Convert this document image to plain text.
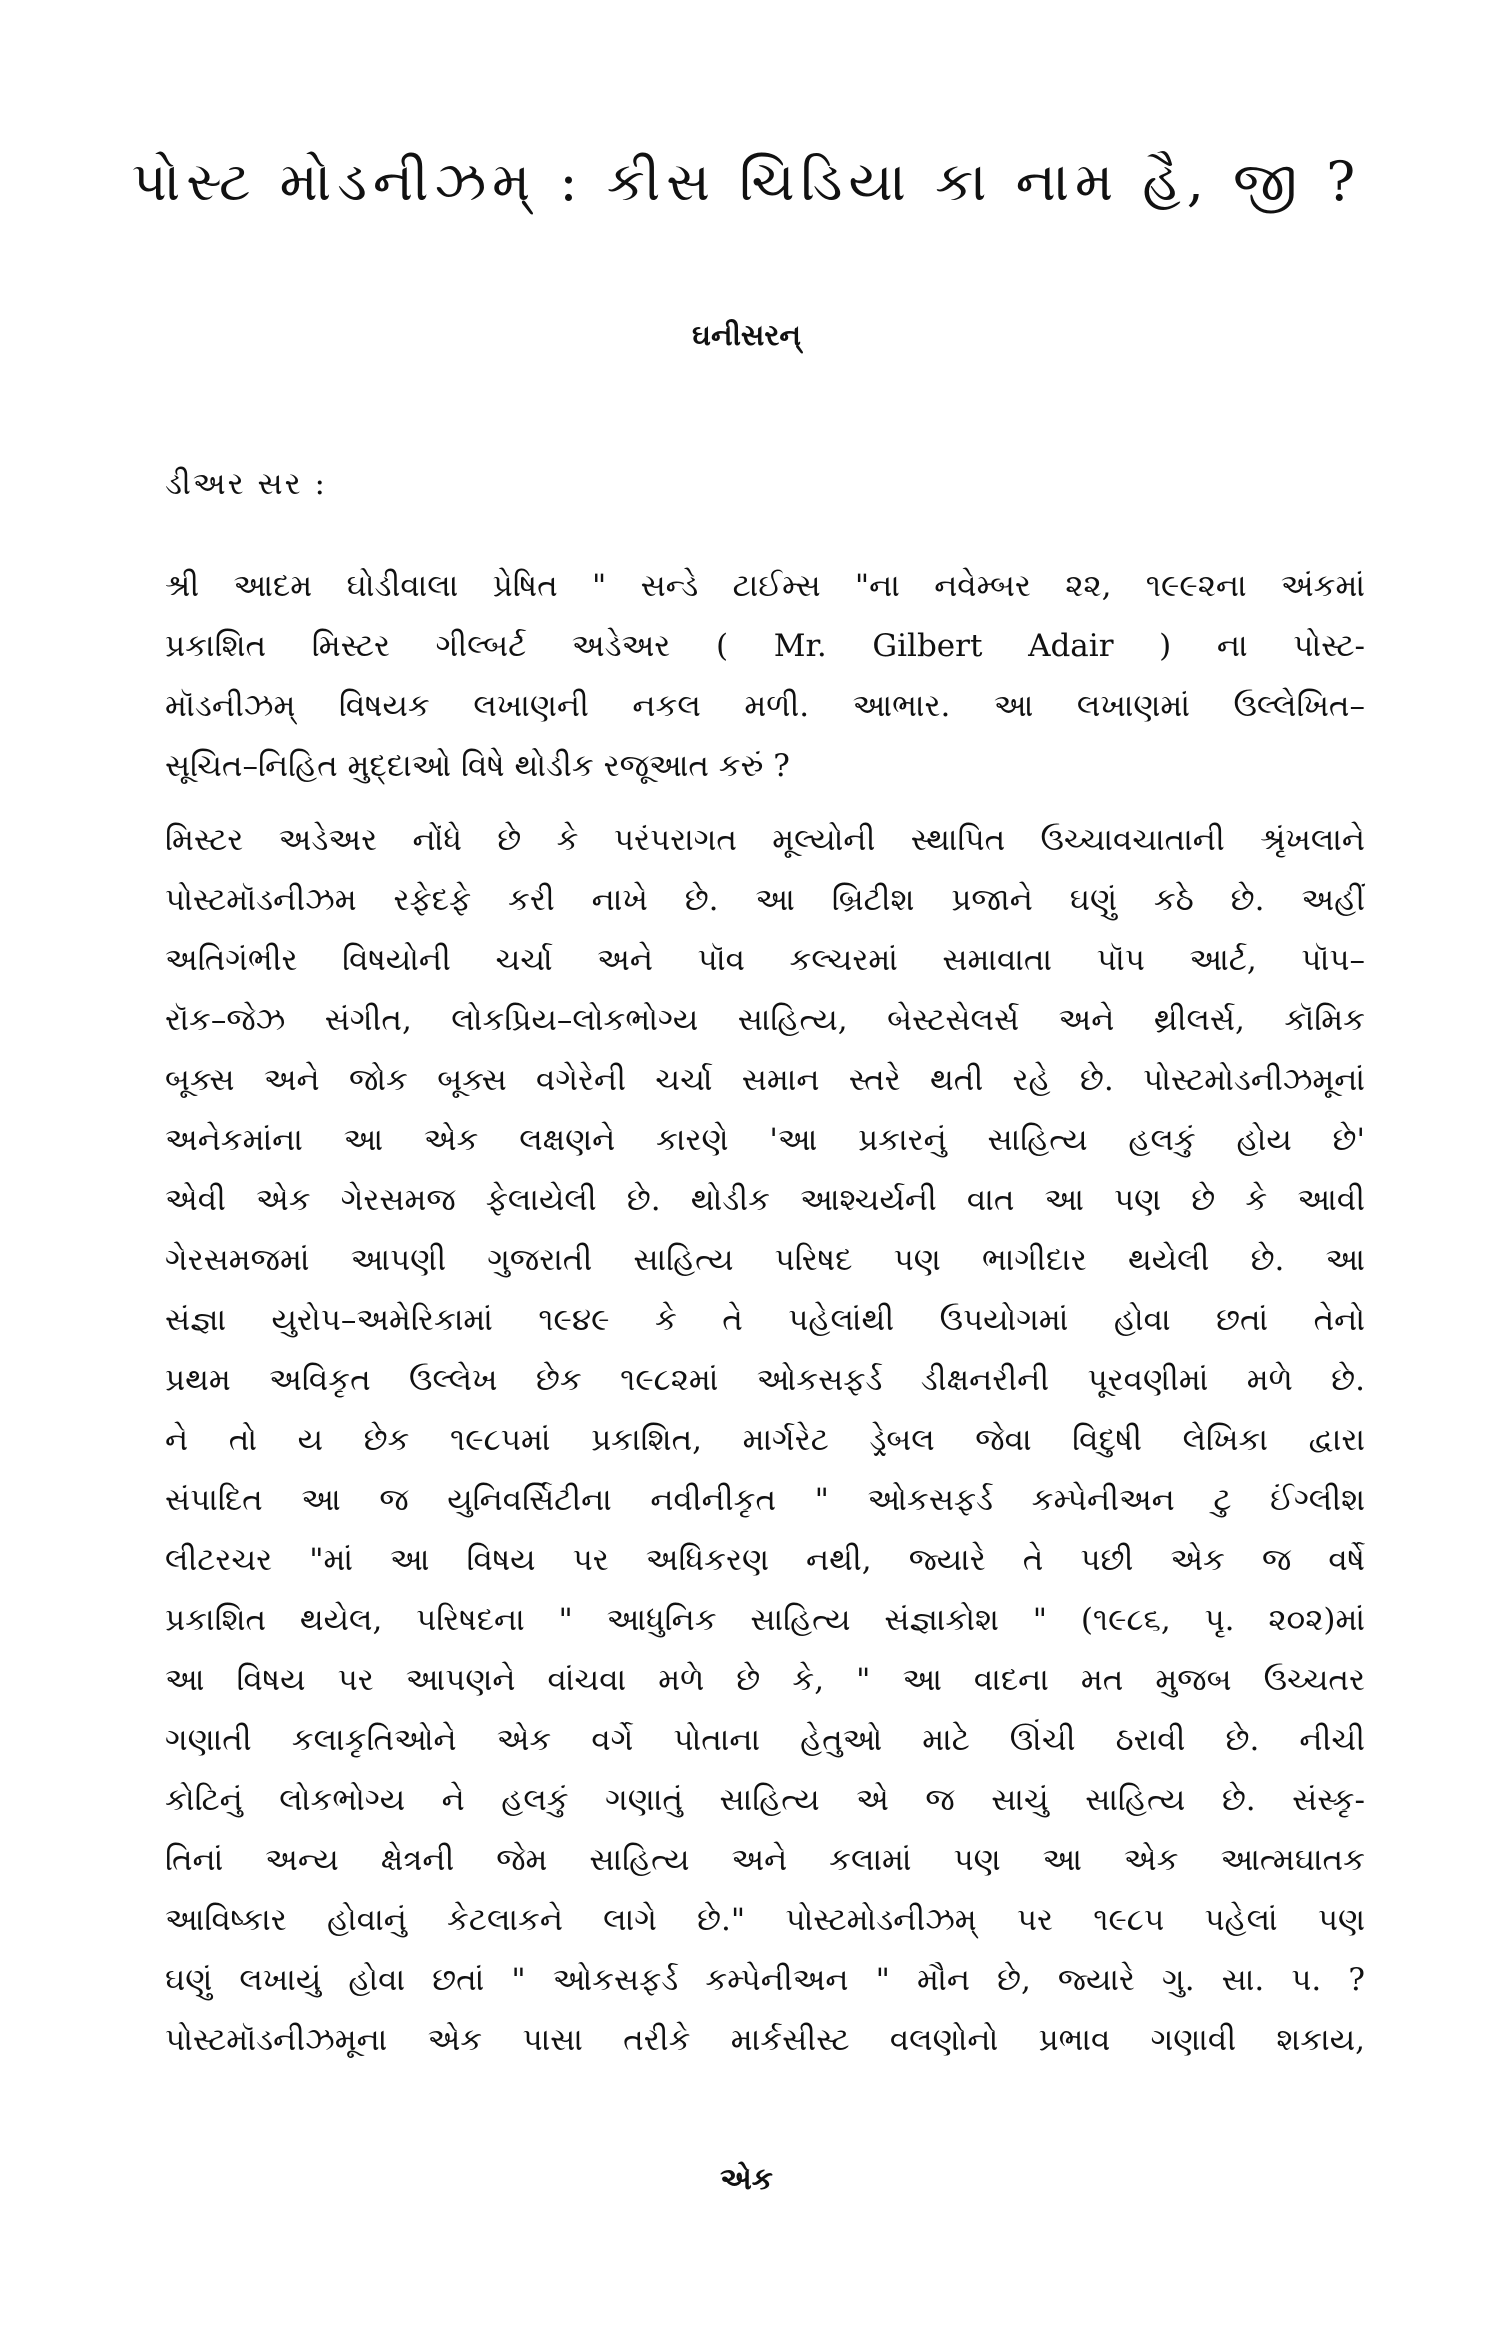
પોસ્ટ મોડનીઝમ્ : કીસ ચિડિયા કા નામ હૈ, જી ?
ઘનીસરન્
ડીઅર સર :
શ્રી આદમ ઘોડીવાલા પ્રેષિત " સન્ડે ટાઈમ્સ "ના નવેમ્બર ૨૨, ૧૯૯૨ના અંકમાં
પ્રકાશિત મિસ્ટર ગીલ્બર્ટ અડેઅર ( Mr. Gilbert Adair ) ના પોસ્ટ-
મૉડનીઝમ્ વિષયક લખાણની નકલ મળી. આભાર. આ લખાણમાં ઉલ્લેખિત–
સૂચિત–નિહિત મુદ્દાઓ વિષે થોડીક રજૂઆત કરું ?
મિસ્ટર અડેઅર નોંધે છે કે પરંપરાગત મૂલ્યોની સ્થાપિત ઉચ્ચાવચાતાની શ્રૃંખલાને
પોસ્ટમૉડનીઝમ રફેદફે કરી નાખે છે. આ બ્રિટીશ પ્રજાને ઘણું કઠે છે. અહીં
અતિગંભીર વિષયોની ચર્ચા અને પૉવ કલ્ચરમાં સમાવાતા પૉપ આર્ટ, પૉપ–
રૉક–જેઝ સંગીત, લોકપ્રિય–લોકભોગ્ય સાહિત્ય, બેસ્ટસેલર્સ અને થ્રીલર્સ, કૉમિક
બૂક્સ અને જોક બૂક્સ વગેરેની ચર્ચા સમાન સ્તરે થતી રહે છે. પોસ્ટમોડનીઝમૂનાં
અનેકમાંના આ એક લક્ષણને કારણે 'આ પ્રકારનું સાહિત્ય હલકું હોય છે'
એવી એક ગેરસમજ ફેલાયેલી છે. થોડીક આશ્ચર્યની વાત આ પણ છે કે આવી
ગેરસમજમાં આપણી ગુજરાતી સાહિત્ય પરિષદ પણ ભાગીદાર થયેલી છે. આ
સંજ્ઞા યુરોપ–અમેરિકામાં ૧૯૪૯ કે તે પહેલાંથી ઉપયોગમાં હોવા છતાં તેનો
પ્રથમ અવિકૃત ઉલ્લેખ છેક ૧૯૮૨માં ઓકસફર્ડ ડીક્ષનરીની પૂરવણીમાં મળે છે.
ને તો ય છેક ૧૯૮૫માં પ્રકાશિત, માર્ગરેટ ડ્રેબલ જેવા વિદુષી લેખિકા દ્વારા
સંપાદિત આ જ યુનિવર્સિટીના નવીનીકૃત " ઓકસફર્ડ કમ્પેનીઅન ટુ ઈંગ્લીશ
લીટરચર "માં આ વિષય પર અધિકરણ નથી, જ્યારે તે પછી એક જ વર્ષે
પ્રકાશિત થયેલ, પરિષદના " આધુનિક સાહિત્ય સંજ્ઞાકોશ " (૧૯૮૬, પૃ. ૨૦૨)માં
આ વિષય પર આપણને વાંચવા મળે છે કે, " આ વાદના મત મુજબ ઉચ્ચતર
ગણાતી કલાકૃતિઓને એક વર્ગે પોતાના હેતુઓ માટે ઊંચી ઠરાવી છે. નીચી
કોટિનું લોકભોગ્ય ને હલકું ગણાતું સાહિત્ય એ જ સાચું સાહિત્ય છે. સંસ્કૃ-
તિનાં અન્ય ક્ષેત્રની જેમ સાહિત્ય અને કલામાં પણ આ એક આત્મઘાતક
આવિષ્કાર હોવાનું કેટલાકને લાગે છે." પોસ્ટમોડનીઝમ્ પર ૧૯૮૫ પહેલાં પણ
ઘણું લખાયું હોવા છતાં " ઓકસફર્ડ કમ્પેનીઅન " મૌન છે, જ્યારે ગુ. સા. પ. ?
પોસ્ટમૉડનીઝમૂના એક પાસા તરીકે માર્કસીસ્ટ વલણોનો પ્રભાવ ગણાવી શકાય,
એક
